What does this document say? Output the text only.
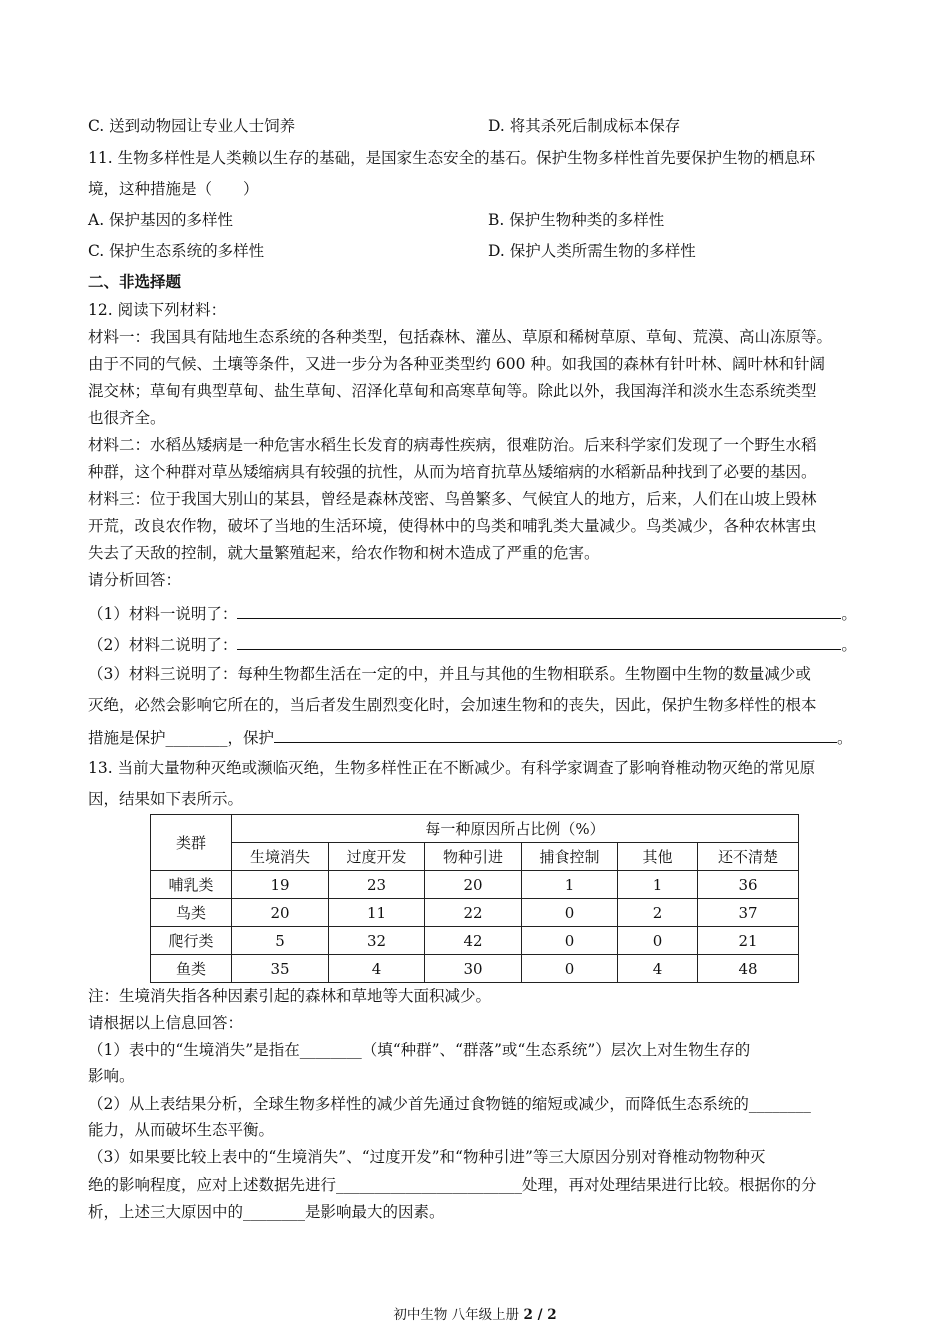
C. 送到动物园让专业人士饲养	D. 将其杀死后制成标本保存
11. 生物多样性是人类赖以生存的基础，是国家生态安全的基石。保护生物多样性首先要保护生物的栖息环
境，这种措施是（　　）
A. 保护基因的多样性	B. 保护生物种类的多样性
C. 保护生态系统的多样性	D. 保护人类所需生物的多样性
二、非选择题
12. 阅读下列材料：
材料一：我国具有陆地生态系统的各种类型，包括森林、灌丛、草原和稀树草原、草甸、荒漠、高山冻原等。
由于不同的气候、土壤等条件，又进一步分为各种亚类型约 600 种。如我国的森林有针叶林、阔叶林和针阔
混交林；草甸有典型草甸、盐生草甸、沼泽化草甸和高寒草甸等。除此以外，我国海洋和淡水生态系统类型
也很齐全。
材料二：水稻丛矮病是一种危害水稻生长发育的病毒性疾病，很难防治。后来科学家们发现了一个野生水稻
种群，这个种群对草丛矮缩病具有较强的抗性，从而为培育抗草丛矮缩病的水稻新品种找到了必要的基因。
材料三：位于我国大别山的某县，曾经是森林茂密、鸟兽繁多、气候宜人的地方，后来，人们在山坡上毁林
开荒，改良农作物，破坏了当地的生活环境，使得林中的鸟类和哺乳类大量减少。鸟类减少，各种农林害虫
失去了天敌的控制，就大量繁殖起来，给农作物和树木造成了严重的危害。
请分析回答：
（1）材料一说明了：	。
（2）材料二说明了：	。
（3）材料三说明了：每种生物都生活在一定的中，并且与其他的生物相联系。生物圈中生物的数量减少或
灭绝，必然会影响它所在的，当后者发生剧烈变化时，会加速生物和的丧失，因此，保护生物多样性的根本
措施是保护________，保护	。
13. 当前大量物种灭绝或濒临灭绝，生物多样性正在不断减少。有科学家调查了影响脊椎动物灭绝的常见原
因，结果如下表所示。
类群	每一种原因所占比例（%）					
	生境消失	过度开发	物种引进	捕食控制	其他	还不清楚
哺乳类	19	23	20	1	1	36
鸟类	20	11	22	0	2	37
爬行类	5	32	42	0	0	21
鱼类	35	4	30	0	4	48
注：生境消失指各种因素引起的森林和草地等大面积减少。
请根据以上信息回答：
（1）表中的“生境消失”是指在________（填“种群”、“群落”或“生态系统”）层次上对生物生存的
影响。
（2）从上表结果分析，全球生物多样性的减少首先通过食物链的缩短或减少，而降低生态系统的________
能力，从而破坏生态平衡。
（3）如果要比较上表中的“生境消失”、“过度开发”和“物种引进”等三大原因分别对脊椎动物物种灭
绝的影响程度，应对上述数据先进行________________________处理，再对处理结果进行比较。根据你的分
析，上述三大原因中的________是影响最大的因素。
初中生物 八年级上册 2 / 2
